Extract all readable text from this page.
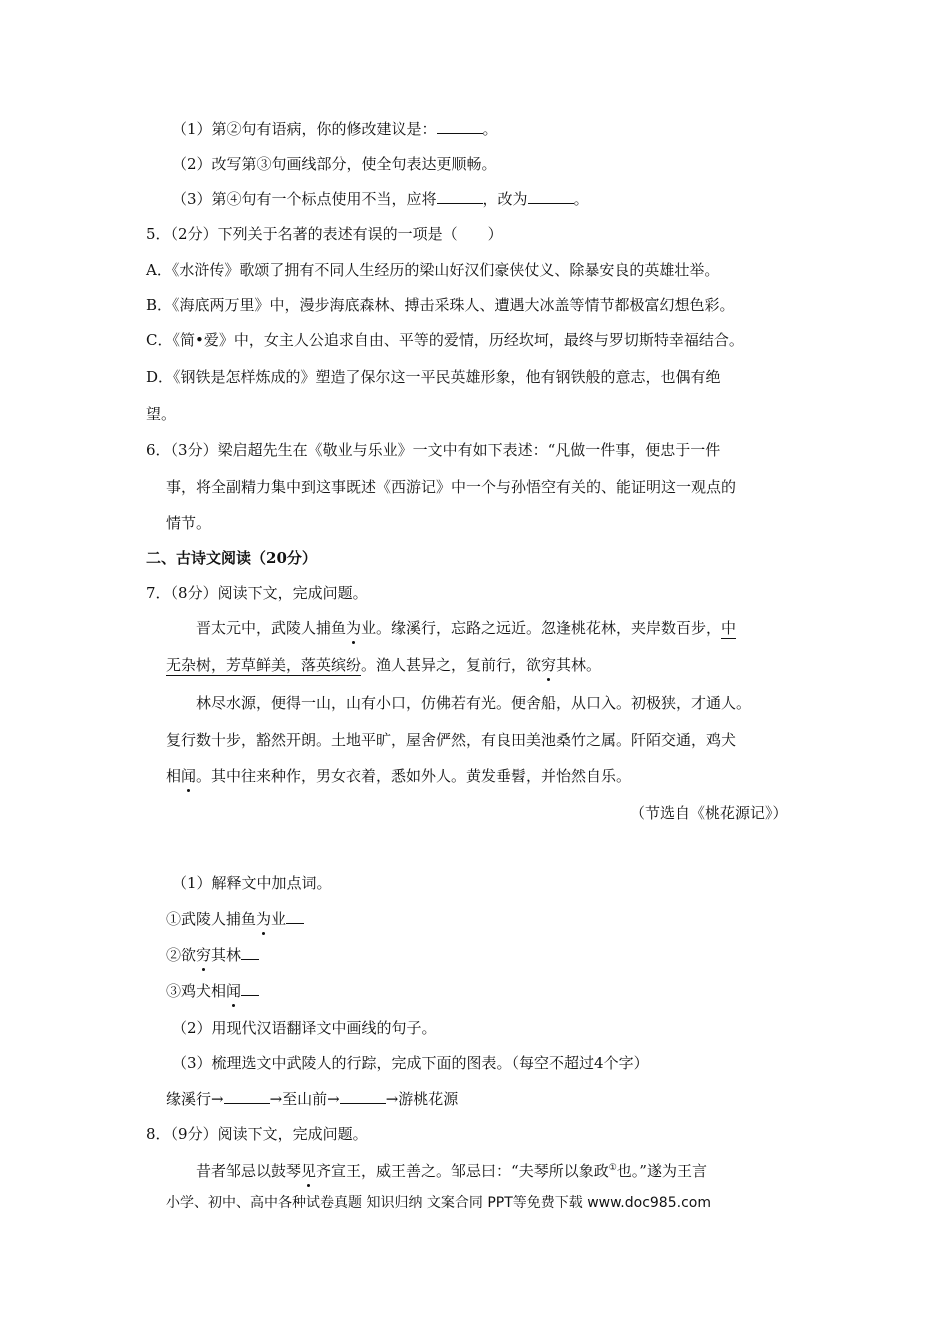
（1）第②句有语病，你的修改建议是：	。
（2）改写第③句画线部分，使全句表达更顺畅。
（3）第④句有一个标点使用不当，应将	，改为	。
5．（2分）下列关于名著的表述有误的一项是（　　）
A．《水浒传》歌颂了拥有不同人生经历的梁山好汉们豪侠仗义、除暴安良的英雄壮举。
B．《海底两万里》中，漫步海底森林、搏击采珠人、遭遇大冰盖等情节都极富幻想色彩。
C．《简•爱》中，女主人公追求自由、平等的爱情，历经坎坷，最终与罗切斯特幸福结合。
D．《钢铁是怎样炼成的》塑造了保尔这一平民英雄形象，他有钢铁般的意志，也偶有绝
望。
6．（3分）梁启超先生在《敬业与乐业》一文中有如下表述：“凡做一件事，便忠于一件
事，将全副精力集中到这事既述《西游记》中一个与孙悟空有关的、能证明这一观点的
情节。
二、古诗文阅读（20分）
7．（8分）阅读下文，完成问题。
晋太元中，武陵人捕鱼为业。缘溪行，忘路之远近。忽逢桃花林，夹岸数百步，中
无杂树，芳草鲜美，落英缤纷。渔人甚异之，复前行，欲穷其林。
林尽水源，便得一山，山有小口，仿佛若有光。便舍船，从口入。初极狭，才通人。
复行数十步，豁然开朗。土地平旷，屋舍俨然，有良田美池桑竹之属。阡陌交通，鸡犬
相闻。其中往来种作，男女衣着，悉如外人。黄发垂髫，并怡然自乐。
（节选自《桃花源记》）
（1）解释文中加点词。
①武陵人捕鱼为业
②欲穷其林
③鸡犬相闻
（2）用现代汉语翻译文中画线的句子。
（3）梳理选文中武陵人的行踪，完成下面的图表。（每空不超过4个字）
缘溪行→	→至山前→	→游桃花源
8．（9分）阅读下文，完成问题。
昔者邹忌以鼓琴见齐宣王，威王善之。邹忌曰：“夫琴所以象政①也。”遂为王言
小学、初中、高中各种试卷真题 知识归纳 文案合同 PPT等免费下载 www.doc985.com
